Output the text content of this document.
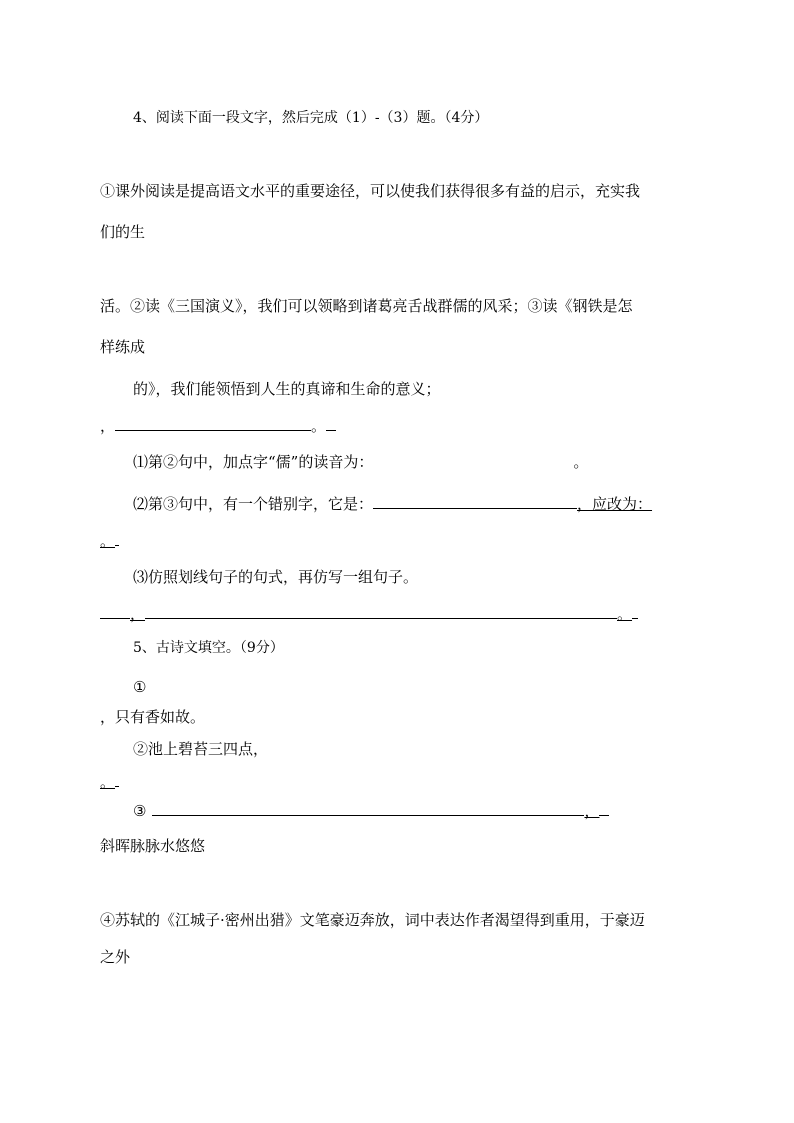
4、阅读下面一段文字，然后完成（1）-（3）题。（4分）
①课外阅读是提高语文水平的重要途径，可以使我们获得很多有益的启示，充实我
们的生
活。②读《三国演义》，我们可以领略到诸葛亮舌战群儒的风采；③读《钢铁是怎
样练成
的》，我们能领悟到人生的真谛和生命的意义；
，	。
⑴第②句中，加点字“儒”的读音为：	。
⑵第③句中，有一个错别字，它是：	，应改为：
。
⑶仿照划线句子的句式，再仿写一组句子。
，	。
5、古诗文填空。（9分）
①
，只有香如故。
②池上碧苔三四点，
。
③	，
斜晖脉脉水悠悠
④苏轼的《江城子·密州出猎》文笔豪迈奔放，词中表达作者渴望得到重用，于豪迈
之外
